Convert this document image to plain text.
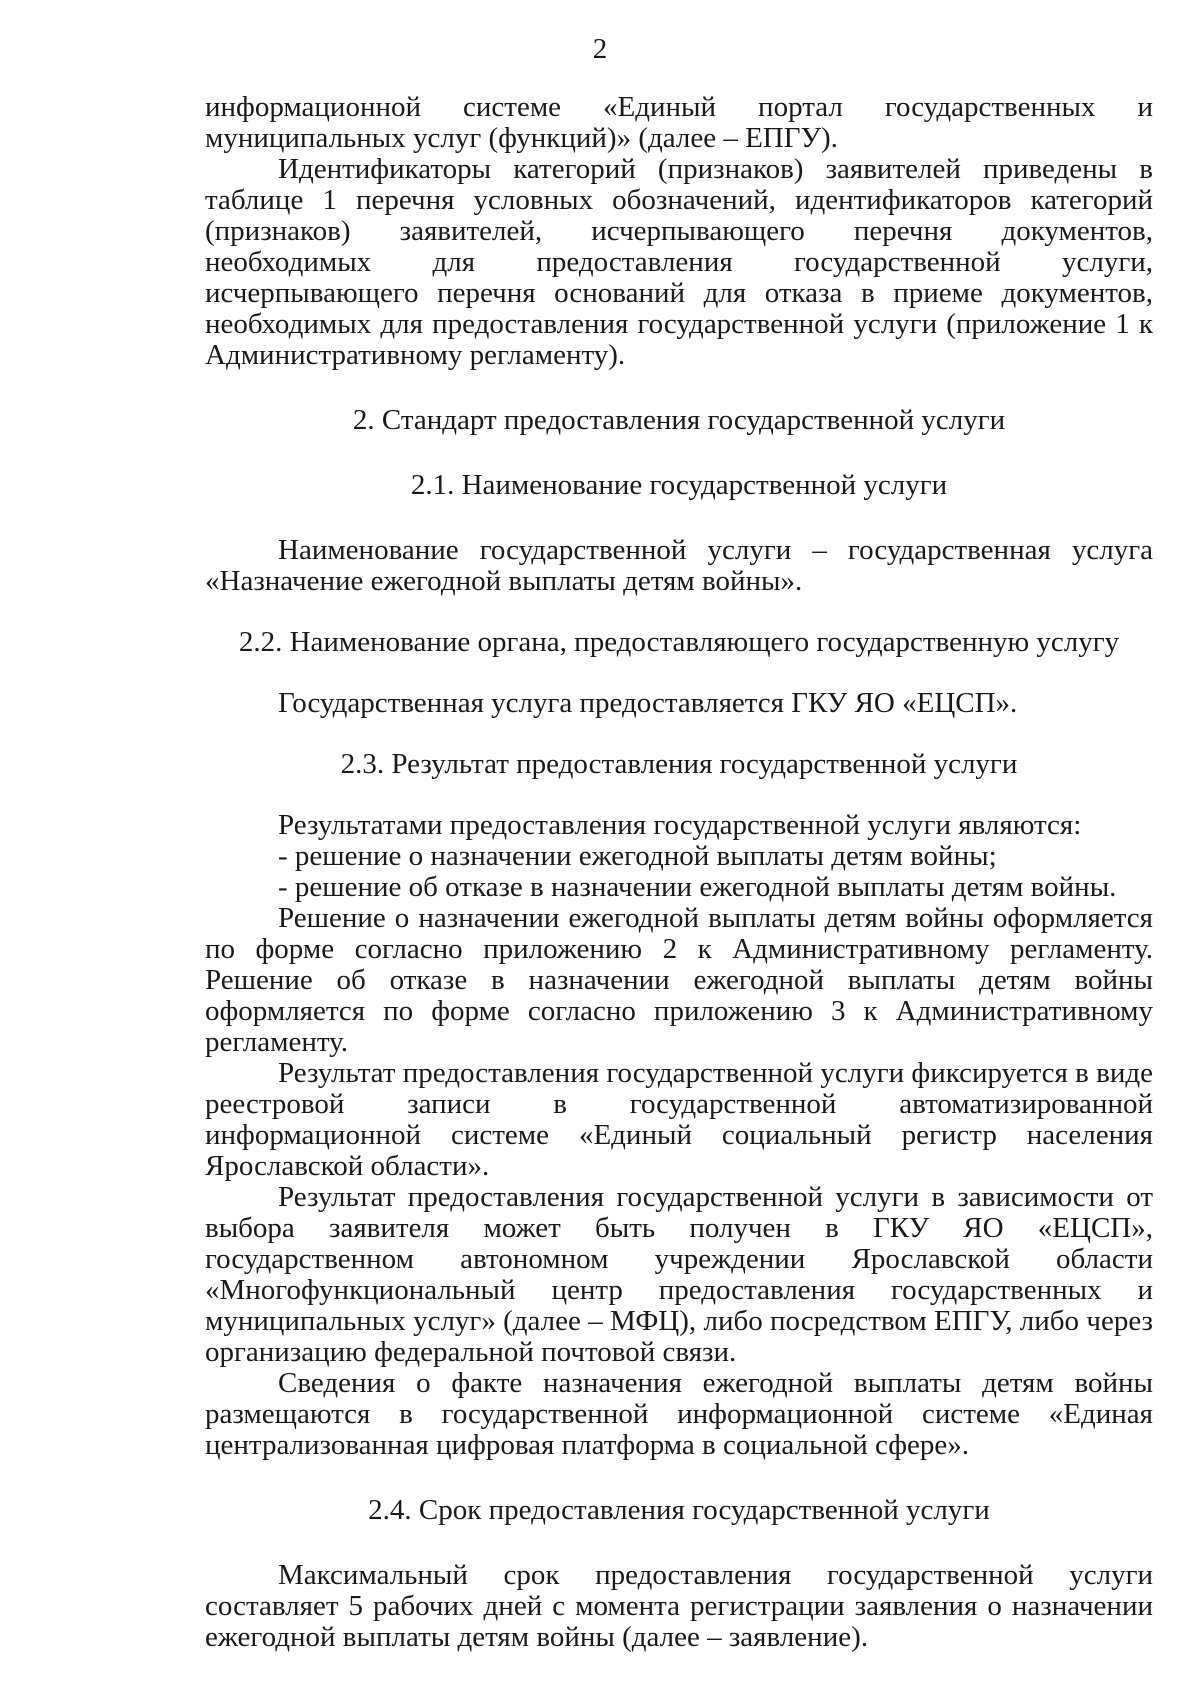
2

информационной системе «Единый портал государственных и муниципальных услуг (функций)» (далее – ЕПГУ).

Идентификаторы категорий (признаков) заявителей приведены в таблице 1 перечня условных обозначений, идентификаторов категорий (признаков) заявителей, исчерпывающего перечня документов, необходимых для предоставления государственной услуги, исчерпывающего перечня оснований для отказа в приеме документов, необходимых для предоставления государственной услуги (приложение 1 к Административному регламенту).

2. Стандарт предоставления государственной услуги

2.1. Наименование государственной услуги

Наименование государственной услуги – государственная услуга «Назначение ежегодной выплаты детям войны».

2.2. Наименование органа, предоставляющего государственную услугу

Государственная услуга предоставляется ГКУ ЯО «ЕЦСП».

2.3. Результат предоставления государственной услуги

Результатами предоставления государственной услуги являются:

- решение о назначении ежегодной выплаты детям войны;

- решение об отказе в назначении ежегодной выплаты детям войны.

Решение о назначении ежегодной выплаты детям войны оформляется по форме согласно приложению 2 к Административному регламенту. Решение об отказе в назначении ежегодной выплаты детям войны оформляется по форме согласно приложению 3 к Административному регламенту.

Результат предоставления государственной услуги фиксируется в виде реестровой записи в государственной автоматизированной информационной системе «Единый социальный регистр населения Ярославской области».

Результат предоставления государственной услуги в зависимости от выбора заявителя может быть получен в ГКУ ЯО «ЕЦСП», государственном автономном учреждении Ярославской области «Многофункциональный центр предоставления государственных и муниципальных услуг» (далее – МФЦ), либо посредством ЕПГУ, либо через организацию федеральной почтовой связи.

Сведения о факте назначения ежегодной выплаты детям войны размещаются в государственной информационной системе «Единая централизованная цифровая платформа в социальной сфере».

2.4. Срок предоставления государственной услуги

Максимальный срок предоставления государственной услуги составляет 5 рабочих дней с момента регистрации заявления о назначении ежегодной выплаты детям войны (далее – заявление).
